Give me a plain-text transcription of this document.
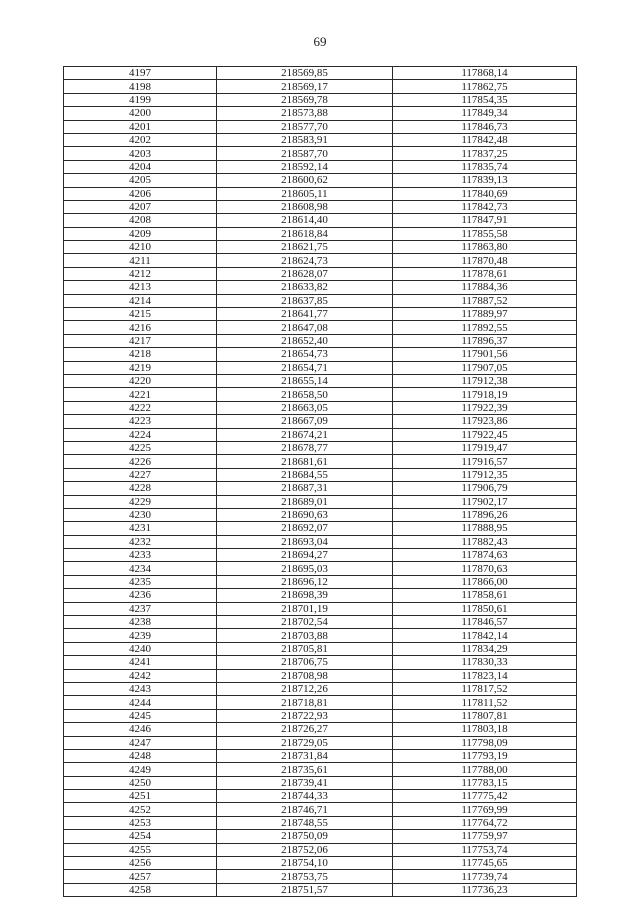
69
4197	218569,85	117868,14
4198	218569,17	117862,75
4199	218569,78	117854,35
4200	218573,88	117849,34
4201	218577,70	117846,73
4202	218583,91	117842,48
4203	218587,70	117837,25
4204	218592,14	117835,74
4205	218600,62	117839,13
4206	218605,11	117840,69
4207	218608,98	117842,73
4208	218614,40	117847,91
4209	218618,84	117855,58
4210	218621,75	117863,80
4211	218624,73	117870,48
4212	218628,07	117878,61
4213	218633,82	117884,36
4214	218637,85	117887,52
4215	218641,77	117889,97
4216	218647,08	117892,55
4217	218652,40	117896,37
4218	218654,73	117901,56
4219	218654,71	117907,05
4220	218655,14	117912,38
4221	218658,50	117918,19
4222	218663,05	117922,39
4223	218667,09	117923,86
4224	218674,21	117922,45
4225	218678,77	117919,47
4226	218681,61	117916,57
4227	218684,55	117912,35
4228	218687,31	117906,79
4229	218689,01	117902,17
4230	218690,63	117896,26
4231	218692,07	117888,95
4232	218693,04	117882,43
4233	218694,27	117874,63
4234	218695,03	117870,63
4235	218696,12	117866,00
4236	218698,39	117858,61
4237	218701,19	117850,61
4238	218702,54	117846,57
4239	218703,88	117842,14
4240	218705,81	117834,29
4241	218706,75	117830,33
4242	218708,98	117823,14
4243	218712,26	117817,52
4244	218718,81	117811,52
4245	218722,93	117807,81
4246	218726,27	117803,18
4247	218729,05	117798,09
4248	218731,84	117793,19
4249	218735,61	117788,00
4250	218739,41	117783,15
4251	218744,33	117775,42
4252	218746,71	117769,99
4253	218748,55	117764,72
4254	218750,09	117759,97
4255	218752,06	117753,74
4256	218754,10	117745,65
4257	218753,75	117739,74
4258	218751,57	117736,23
